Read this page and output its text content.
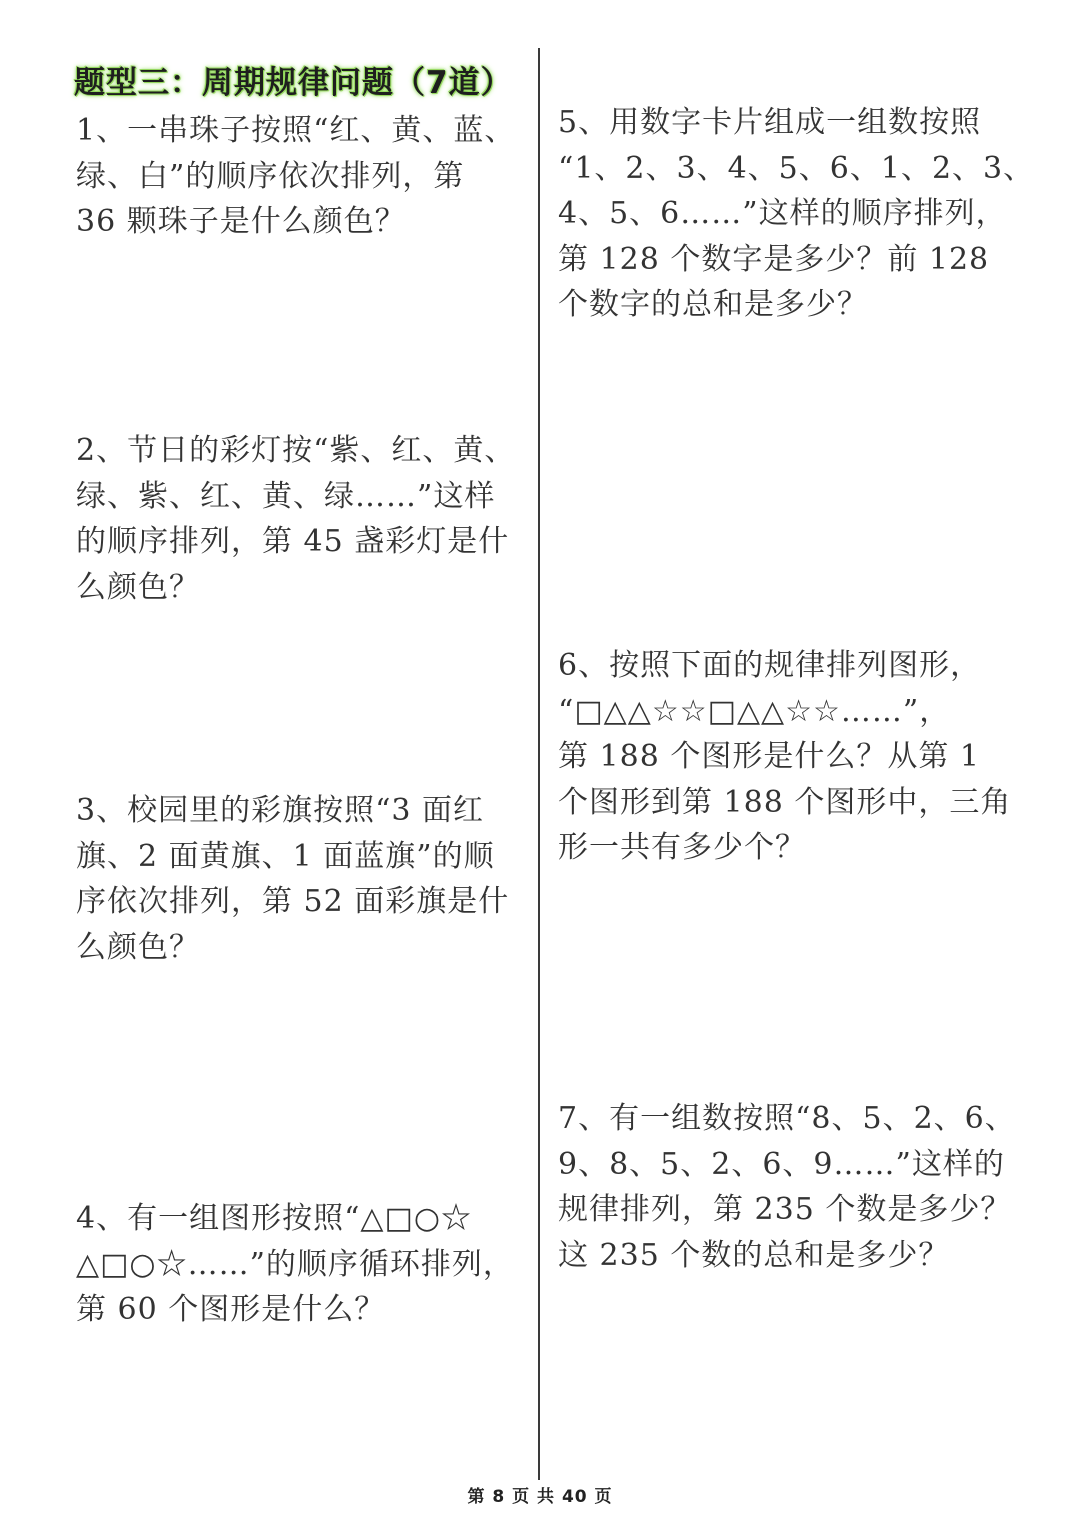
题型三：周期规律问题（7道）
1、一串珠子按照“红、黄、蓝、
绿、白”的顺序依次排列，第
36 颗珠子是什么颜色？
2、节日的彩灯按“紫、红、黄、
绿、紫、红、黄、绿……”这样
的顺序排列，第 45 盏彩灯是什
么颜色？
3、校园里的彩旗按照“3 面红
旗、2 面黄旗、1 面蓝旗”的顺
序依次排列，第 52 面彩旗是什
么颜色？
4、有一组图形按照“△□○☆
△□○☆……”的顺序循环排列，
第 60 个图形是什么？
5、用数字卡片组成一组数按照
“1、2、3、4、5、6、1、2、3、
4、5、6……”这样的顺序排列，
第 128 个数字是多少？前 128
个数字的总和是多少？
6、按照下面的规律排列图形，
“□△△☆☆□△△☆☆……”，
第 188 个图形是什么？从第 1
个图形到第 188 个图形中，三角
形一共有多少个？
7、有一组数按照“8、5、2、6、
9、8、5、2、6、9……”这样的
规律排列，第 235 个数是多少？
这 235 个数的总和是多少？
第 8 页 共 40 页
